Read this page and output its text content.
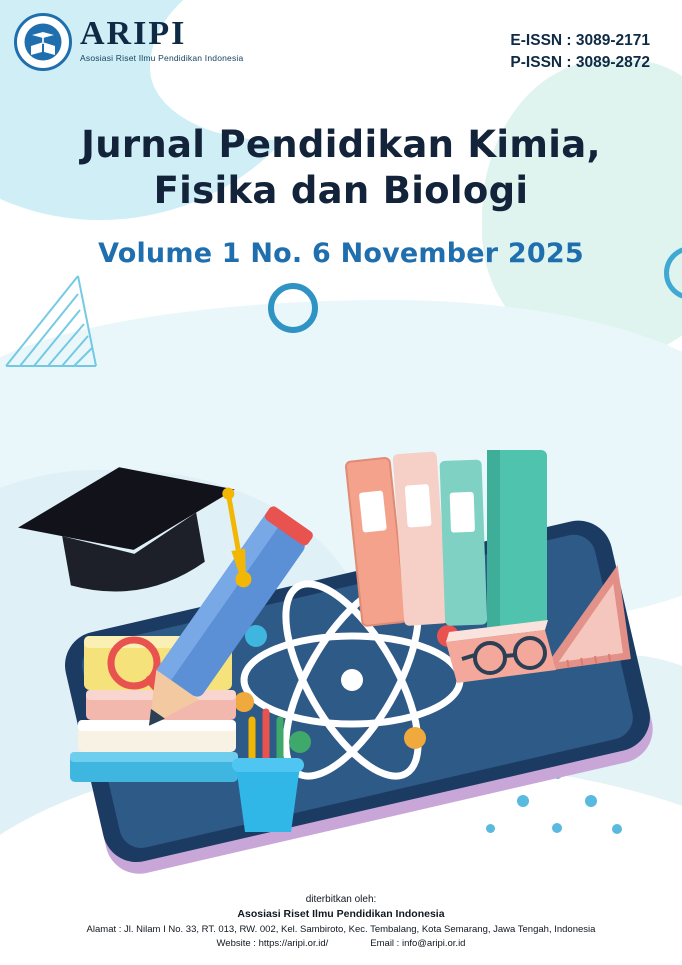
ARIPI
Asosiasi Riset Ilmu Pendidikan Indonesia
E-ISSN : 3089-2171
P-ISSN : 3089-2872
Jurnal Pendidikan Kimia,
Fisika dan Biologi
Volume 1 No. 6 November 2025
diterbitkan oleh:
Asosiasi Riset Ilmu Pendidikan Indonesia
Alamat : Jl. Nilam I No. 33, RT. 013, RW. 002, Kel. Sambiroto, Kec. Tembalang, Kota Semarang, Jawa Tengah, Indonesia
Website : https://aripi.or.id/	Email : info@aripi.or.id
